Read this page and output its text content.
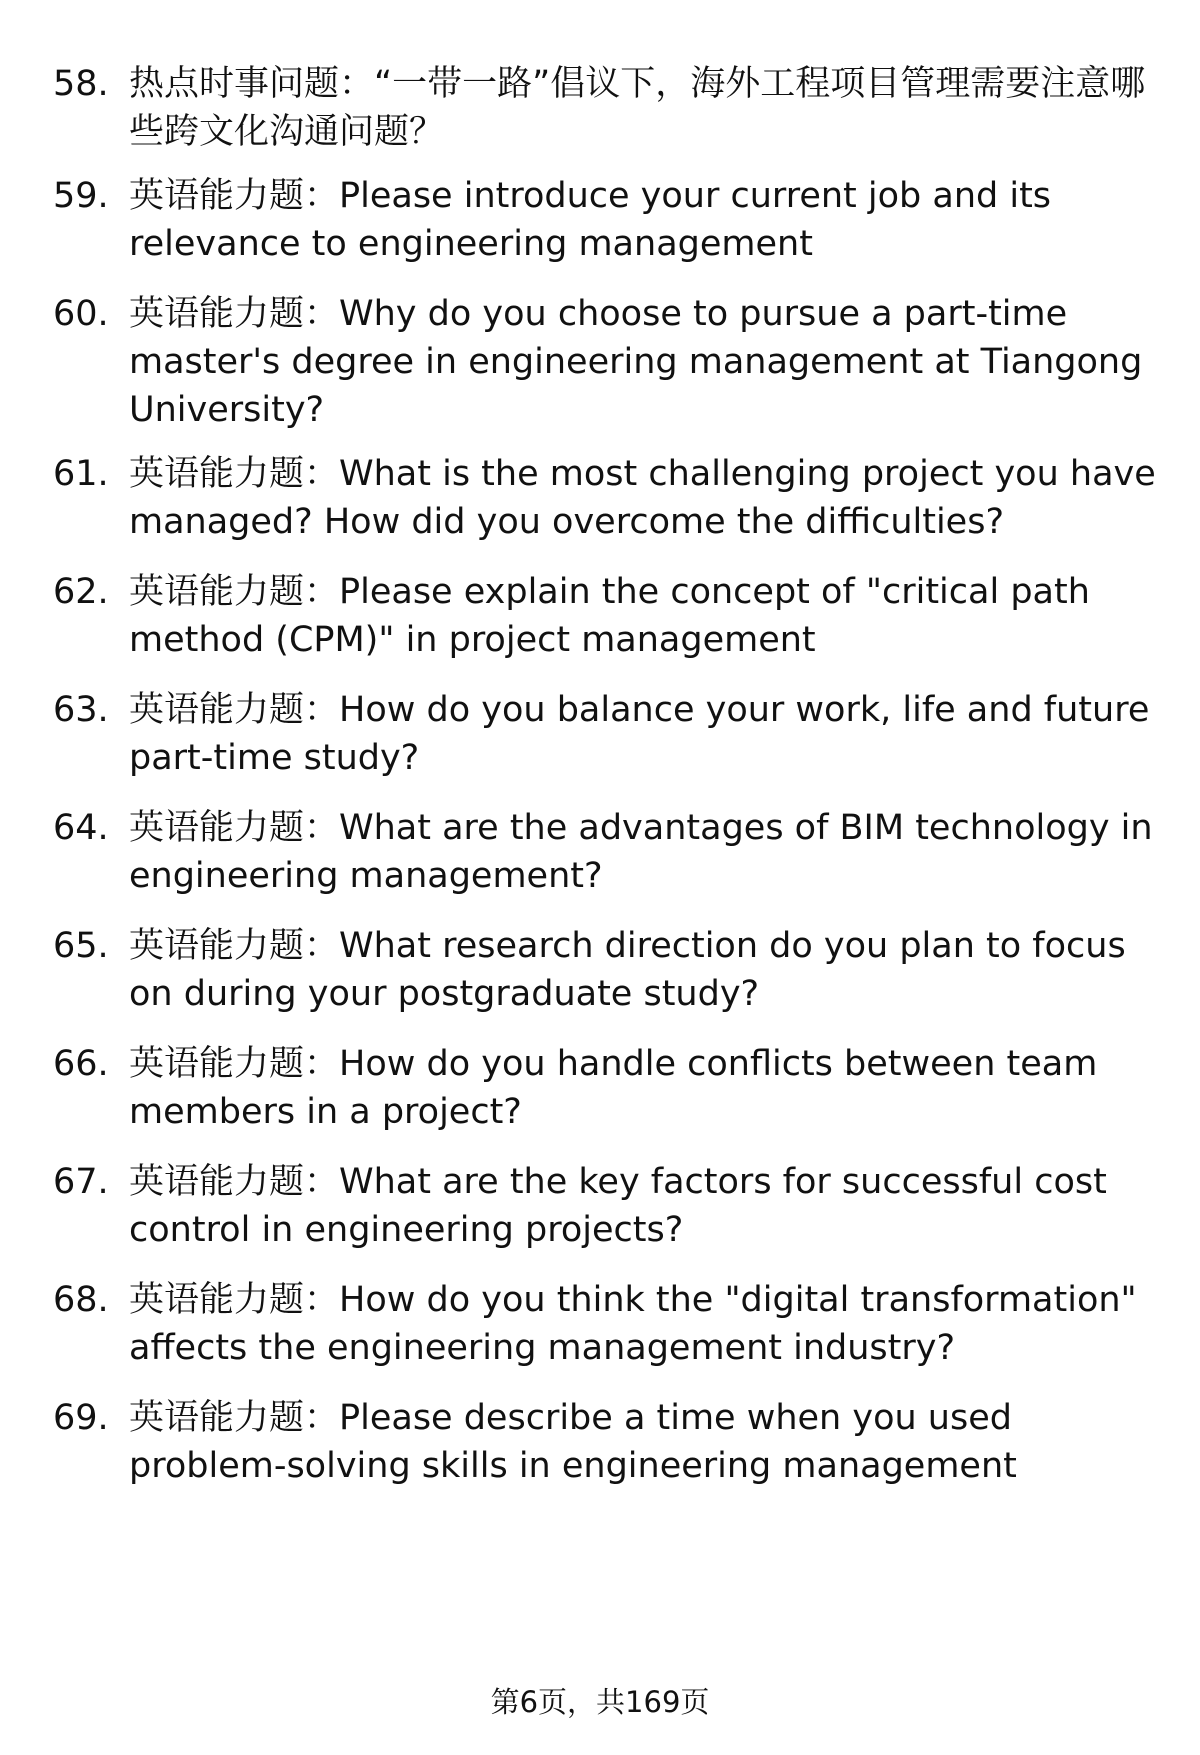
58. 热点时事问题：“一带一路”倡议下，海外工程项目管理需要注意哪些跨文化沟通问题？
59. 英语能力题：Please introduce your current job and its relevance to engineering management
60. 英语能力题：Why do you choose to pursue a part-time master's degree in engineering management at Tiangong University?
61. 英语能力题：What is the most challenging project you have managed? How did you overcome the difficulties?
62. 英语能力题：Please explain the concept of "critical path method (CPM)" in project management
63. 英语能力题：How do you balance your work, life and future part-time study?
64. 英语能力题：What are the advantages of BIM technology in engineering management?
65. 英语能力题：What research direction do you plan to focus on during your postgraduate study?
66. 英语能力题：How do you handle conflicts between team members in a project?
67. 英语能力题：What are the key factors for successful cost control in engineering projects?
68. 英语能力题：How do you think the "digital transformation" affects the engineering management industry?
69. 英语能力题：Please describe a time when you used problem-solving skills in engineering management
第6页，共169页
